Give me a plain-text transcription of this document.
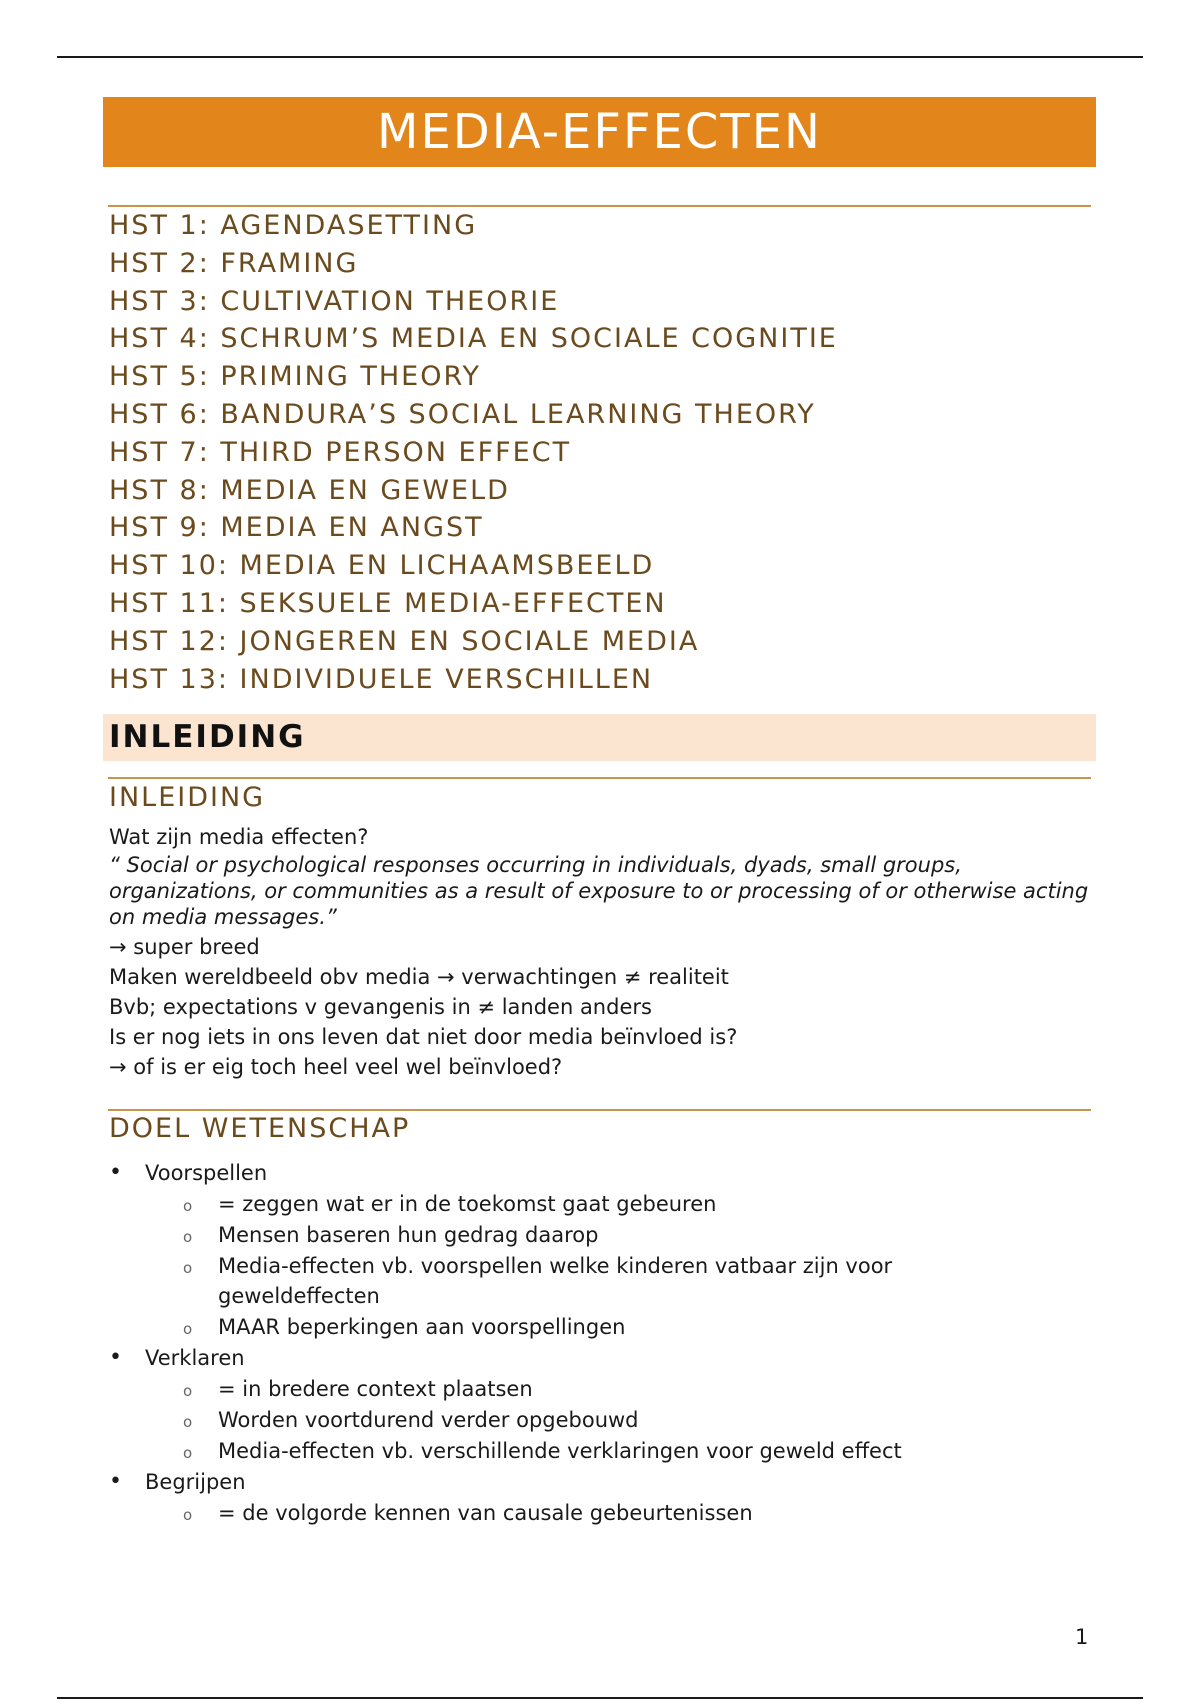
MEDIA-EFFECTEN
HST 1: AGENDASETTING
HST 2: FRAMING
HST 3: CULTIVATION THEORIE
HST 4: SCHRUM’S MEDIA EN SOCIALE COGNITIE
HST 5: PRIMING THEORY
HST 6: BANDURA’S SOCIAL LEARNING THEORY
HST 7: THIRD PERSON EFFECT
HST 8: MEDIA EN GEWELD
HST 9: MEDIA EN ANGST
HST 10: MEDIA EN LICHAAMSBEELD
HST 11: SEKSUELE MEDIA-EFFECTEN
HST 12: JONGEREN EN SOCIALE MEDIA
HST 13: INDIVIDUELE VERSCHILLEN
INLEIDING
INLEIDING

Wat zijn media effecten?

“ Social or psychological responses occurring in individuals, dyads, small groups, organizations, or communities as a result of exposure to or processing of or otherwise acting on media messages.”

→ super breed

Maken wereldbeeld obv media → verwachtingen ≠ realiteit

Bvb; expectations v gevangenis in ≠ landen anders

Is er nog iets in ons leven dat niet door media beïnvloed is?

→ of is er eig toch heel veel wel beïnvloed?

DOEL WETENSCHAP
• Voorspellen
o = zeggen wat er in de toekomst gaat gebeuren
o Mensen baseren hun gedrag daarop
o Media-effecten vb. voorspellen welke kinderen vatbaar zijn voor geweldeffecten
o MAAR beperkingen aan voorspellingen
• Verklaren
o = in bredere context plaatsen
o Worden voortdurend verder opgebouwd
o Media-effecten vb. verschillende verklaringen voor geweld effect
• Begrijpen
o = de volgorde kennen van causale gebeurtenissen
1
